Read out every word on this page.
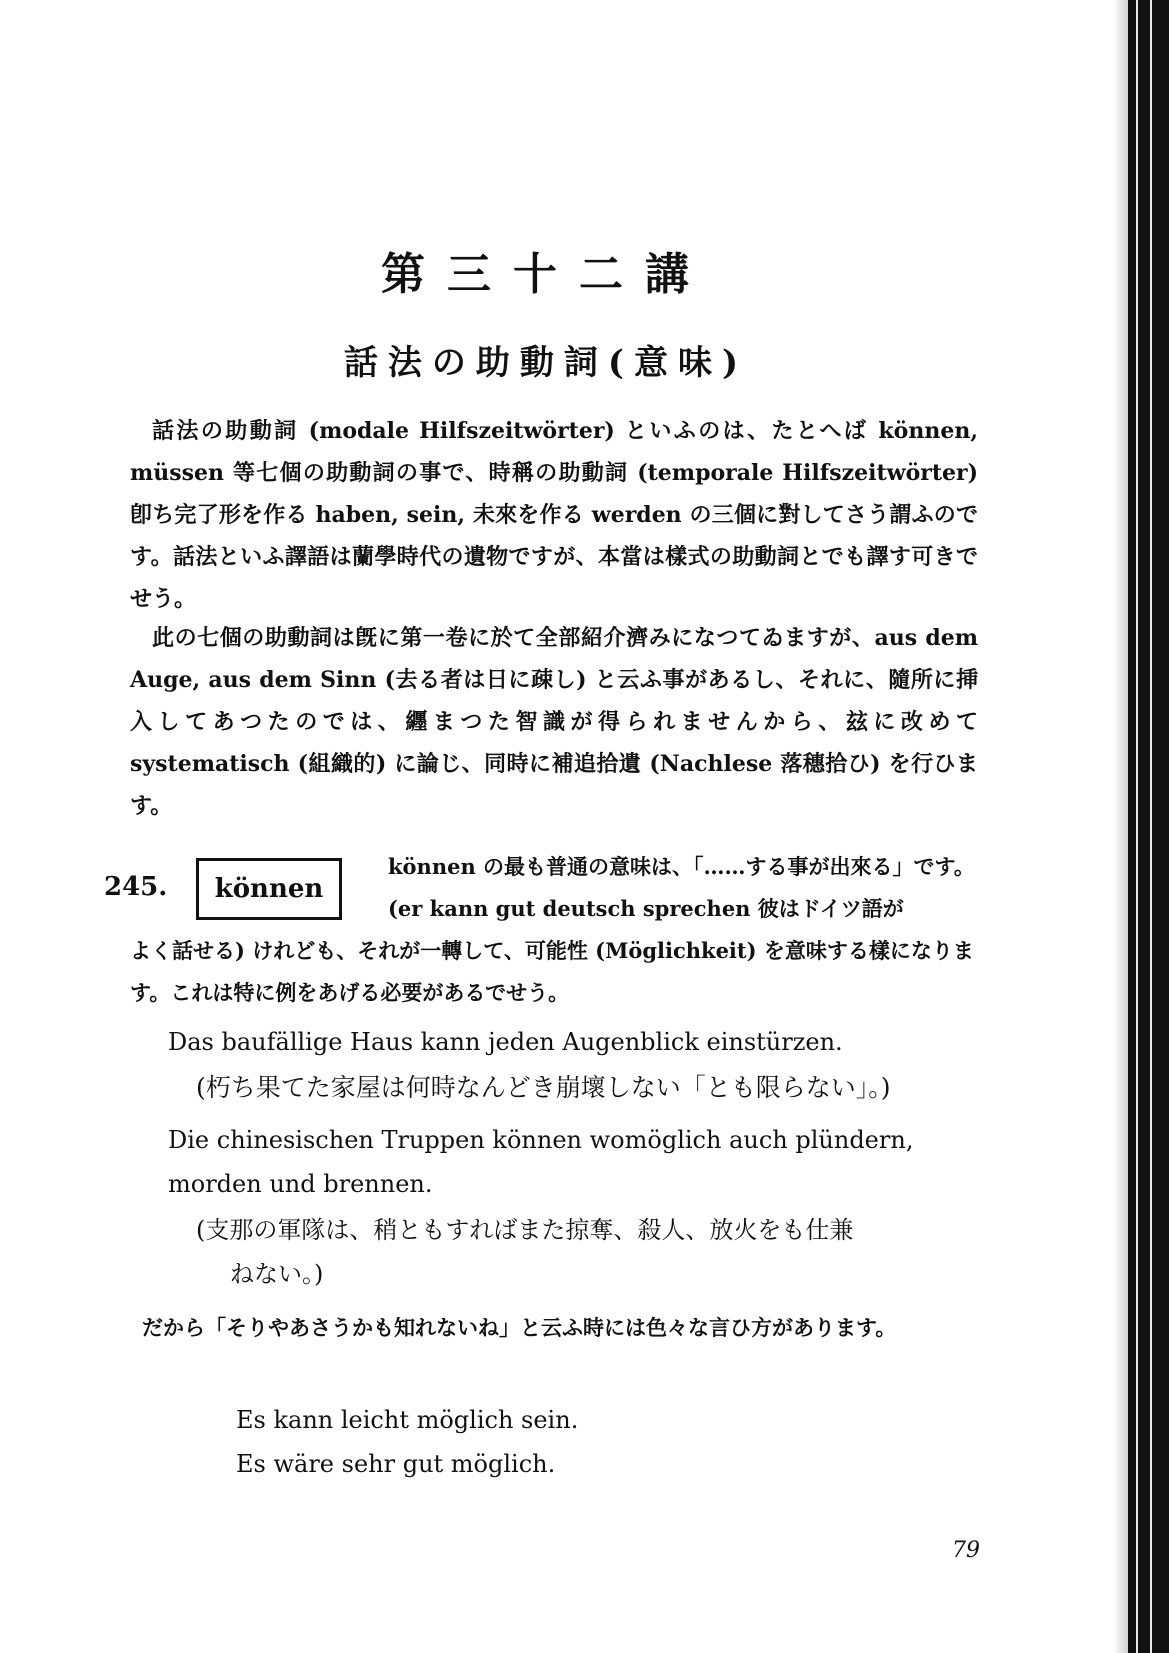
第三十二講
話法の助動詞(意味)

話法の助動詞 (modale Hilfszeitwörter) といふのは、たとへば können, müssen 等七個の助動詞の事で、時稱の助動詞 (temporale Hilfszeitwörter) 卽ち完了形を作る haben, sein, 未來を作る werden の三個に對してさう謂ふのです。話法といふ譯語は蘭學時代の遺物ですが、本當は樣式の助動詞とでも譯す可きでせう。

此の七個の助動詞は旣に第一卷に於て全部紹介濟みになつてゐますが、aus dem Auge, aus dem Sinn (去る者は日に疎し) と云ふ事があるし、それに、隨所に挿入してあつたのでは、纒まつた智識が得られませんから、玆に改めて systematisch (組織的) に論じ、同時に補追拾遺 (Nachlese 落穗拾ひ) を行ひます。

245.	können

können の最も普通の意味は、「……する事が出來る」です。(er kann gut deutsch sprechen 彼はドイツ語が

よく話せる) けれども、それが一轉して、可能性 (Möglichkeit) を意味する樣になります。これは特に例をあげる必要があるでせう。

Das baufällige Haus kann jeden Augenblick einstürzen.

(朽ち果てた家屋は何時なんどき崩壞しない「とも限らない」。)

Die chinesischen Truppen können womöglich auch plündern, morden und brennen.

(支那の軍隊は、稍ともすればまた掠奪、殺人、放火をも仕兼

ねない。)

だから「そりやあさうかも知れないね」と云ふ時には色々な言ひ方があります。

Es kann leicht möglich sein.

Es wäre sehr gut möglich.

79
